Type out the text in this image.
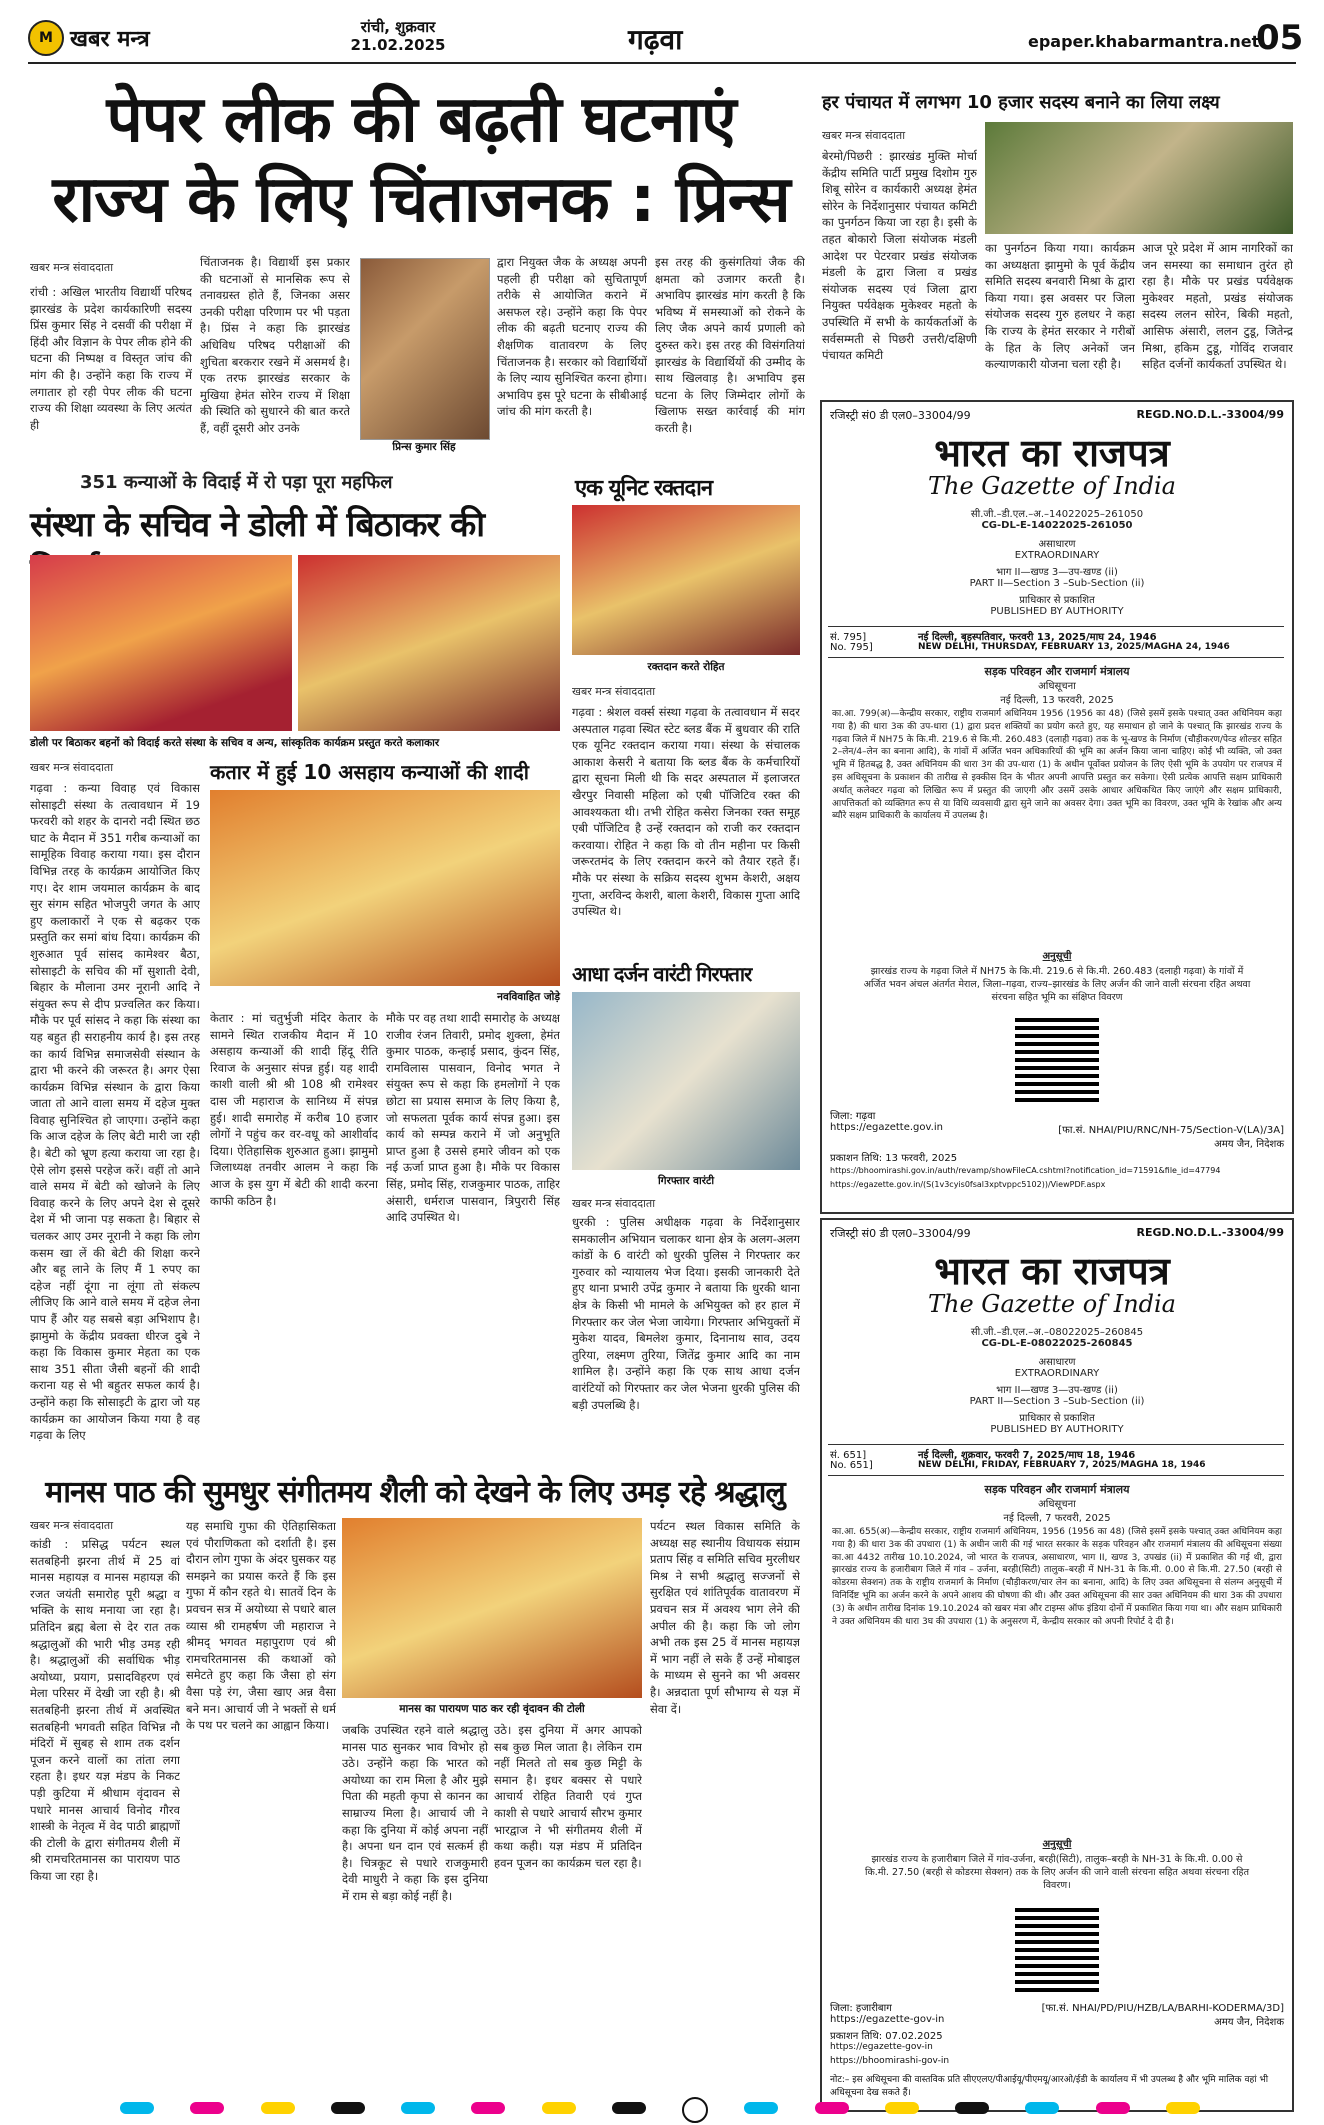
M खबर मन्त्र	रांची, शुक्रवार
21.02.2025	गढ़वा	epaper.khabarmantra.net
05
पेपर लीक की बढ़ती घटनाएं
राज्य के लिए चिंताजनक : प्रिन्स
खबर मन्त्र संवाददाता
रांची : अखिल भारतीय विद्यार्थी परिषद झारखंड के प्रदेश कार्यकारिणी सदस्य प्रिंस कुमार सिंह ने दसवीं की परीक्षा में हिंदी और विज्ञान के पेपर लीक होने की घटना की निष्पक्ष व विस्तृत जांच की मांग की है। उन्होंने कहा कि राज्य में लगातार हो रही पेपर लीक की घटना राज्य की शिक्षा व्यवस्था के लिए अत्यंत ही
चिंताजनक है। विद्यार्थी इस प्रकार की घटनाओं से मानसिक रूप से तनावग्रस्त होते हैं, जिनका असर उनकी परीक्षा परिणाम पर भी पड़ता है। प्रिंस ने कहा कि झारखंड अधिविध परिषद परीक्षाओं की शुचिता बरकरार रखने में असमर्थ है। एक तरफ झारखंड सरकार के मुखिया हेमंत सोरेन राज्य में शिक्षा की स्थिति को सुधारने की बात करते हैं, वहीं दूसरी ओर उनके
प्रिन्स कुमार सिंह
द्वारा नियुक्त जैक के अध्यक्ष अपनी पहली ही परीक्षा को सुचितापूर्ण तरीके से आयोजित कराने में असफल रहे। उन्होंने कहा कि पेपर लीक की बढ़ती घटनाए राज्य की शैक्षणिक वातावरण के लिए चिंताजनक है। सरकार को विद्यार्थियों के लिए न्याय सुनिश्चित करना होगा। अभाविप इस पूरे घटना के सीबीआई जांच की मांग करती है।
इस तरह की कुसंगतियां जैक की क्षमता को उजागर करती है। अभाविप झारखंड मांग करती है कि भविष्य में समस्याओं को रोकने के लिए जैक अपने कार्य प्रणाली को दुरुस्त करे। इस तरह की विसंगतियां झारखंड के विद्यार्थियों की उम्मीद के साथ खिलवाड़ है। अभाविप इस घटना के लिए जिम्मेदार लोगों के खिलाफ सख्त कार्रवाई की मांग करती है।
हर पंचायत में लगभग 10 हजार सदस्य बनाने का लिया लक्ष्य
खबर मन्त्र संवाददाता
बेरमो/पिछरी : झारखंड मुक्ति मोर्चा केंद्रीय समिति पार्टी प्रमुख दिशोम गुरु शिबू सोरेन व कार्यकारी अध्यक्ष हेमंत सोरेन के निर्देशानुसार पंचायत कमिटी का पुनर्गठन किया जा रहा है। इसी के तहत बोकारो जिला संयोजक मंडली आदेश पर पेटरवार प्रखंड संयोजक मंडली के द्वारा जिला व प्रखंड संयोजक सदस्य एवं जिला द्वारा नियुक्त पर्यवेक्षक मुकेश्वर महतो के उपस्थिति में सभी के कार्यकर्ताओं के सर्वसम्मती से पिछरी उत्तरी/दक्षिणी पंचायत कमिटी
का पुनर्गठन किया गया। कार्यक्रम का अध्यक्षता झामुमो के पूर्व केंद्रीय समिति सदस्य बनवारी मिश्रा के द्वारा किया गया। इस अवसर पर जिला संयोजक सदस्य गुरु हलधर ने कहा कि राज्य के हेमंत सरकार ने गरीबों के हित के लिए अनेकों जन कल्याणकारी योजना चला रही है।
आज पूरे प्रदेश में आम नागरिकों का जन समस्या का समाधान तुरंत हो रहा है। मौके पर प्रखंड पर्यवेक्षक मुकेश्वर महतो, प्रखंड संयोजक सदस्य ललन सोरेन, बिकी महतो, आसिफ अंसारी, ललन टुडू, जितेन्द्र मिश्रा, हकिम टुडू, गोविंद राजवार सहित दर्जनों कार्यकर्ता उपस्थित थे।
351 कन्याओं के विदाई में रो पड़ा पूरा महफिल
संस्था के सचिव ने डोली में बिठाकर की
डोली पर बिठाकर बहनों को विदाई करते संस्था के सचिव व अन्य, सांस्कृतिक कार्यक्रम प्रस्तुत करते कलाकार
खबर मन्त्र संवाददाता
गढ़वा : कन्या विवाह एवं विकास सोसाइटी संस्था के तत्वावधान में 19 फरवरी को शहर के दानरो नदी स्थित छठ घाट के मैदान में 351 गरीब कन्याओं का सामूहिक विवाह कराया गया। इस दौरान विभिन्न तरह के कार्यक्रम आयोजित किए गए। देर शाम जयमाल कार्यक्रम के बाद सुर संगम सहित भोजपुरी जगत के आए हुए कलाकारों ने एक से बढ़कर एक प्रस्तुति कर समां बांध दिया। कार्यक्रम की शुरुआत पूर्व सांसद कामेश्वर बैठा, सोसाइटी के सचिव की माँ सुशाती देवी, बिहार के मौलाना उमर नूरानी आदि ने संयुक्त रूप से दीप प्रज्वलित कर किया। मौके पर पूर्व सांसद ने कहा कि संस्था का यह बहुत ही सराहनीय कार्य है। इस तरह का कार्य विभिन्न समाजसेवी संस्थान के द्वारा भी करने की जरूरत है। अगर ऐसा कार्यक्रम विभिन्न संस्थान के द्वारा किया जाता तो आने वाला समय में दहेज मुक्त विवाह सुनिश्चित हो जाएगा। उन्होंने कहा कि आज दहेज के लिए बेटी मारी जा रही है। बेटी को भ्रूण हत्या कराया जा रहा है। ऐसे लोग इससे परहेज करें। वहीं तो आने वाले समय में बेटी को खोजने के लिए विवाह करने के लिए अपने देश से दूसरे देश में भी जाना पड़ सकता है। बिहार से चलकर आए उमर नूरानी ने कहा कि लोग कसम खा लें की बेटी की शिक्षा करने और बहू लाने के लिए मैं 1 रुपए का दहेज नहीं दूंगा ना लूंगा तो संकल्प लीजिए कि आने वाले समय में दहेज लेना पाप हैं और यह सबसे बड़ा अभिशाप है। झामुमो के केंद्रीय प्रवक्ता धीरज दुबे ने कहा कि विकास कुमार मेहता का एक साथ 351 सीता जैसी बहनों की शादी कराना यह से भी बहुतर सफल कार्य है। उन्होंने कहा कि सोसाइटी के द्वारा जो यह कार्यक्रम का आयोजन किया गया है वह गढ़वा के लिए
कतार में हुई 10 असहाय कन्याओं की शादी
नवविवाहित जोड़े
केतार : मां चतुर्भुजी मंदिर केतार के सामने स्थित राजकीय मैदान में 10 असहाय कन्याओं की शादी हिंदू रीति रिवाज के अनुसार संपन्न हुई। यह शादी काशी वाली श्री श्री 108 श्री रामेश्वर दास जी महाराज के सानिध्य में संपन्न हुई। शादी समारोह में करीब 10 हजार लोगों ने पहुंच कर वर-वधू को आशीर्वाद दिया। ऐतिहासिक शुरुआत हुआ। झामुमो जिलाध्यक्ष तनवीर आलम ने कहा कि आज के इस युग में बेटी की शादी करना काफी कठिन है।
मौके पर वह तथा शादी समारोह के अध्यक्ष राजीव रंजन तिवारी, प्रमोद शुक्ला, हेमंत कुमार पाठक, कन्हाई प्रसाद, कुंदन सिंह, रामविलास पासवान, विनोद भगत ने संयुक्त रूप से कहा कि हमलोगों ने एक छोटा सा प्रयास समाज के लिए किया है, जो सफलता पूर्वक कार्य संपन्न हुआ। इस कार्य को सम्पन्न कराने में जो अनुभूति प्राप्त हुआ है उससे हमारे जीवन को एक नई ऊर्जा प्राप्त हुआ है। मौके पर विकास सिंह, प्रमोद सिंह, राजकुमार पाठक, ताहिर अंसारी, धर्मराज पासवान, त्रिपुरारी सिंह आदि उपस्थित थे।
एक यूनिट रक्तदान
रक्तदान करते रोहित
खबर मन्त्र संवाददाता
गढ़वा : श्रेशल वर्क्स संस्था गढ़वा के तत्वावधान में सदर अस्पताल गढ़वा स्थित स्टेट ब्लड बैंक में बुधवार की राति एक यूनिट रक्तदान कराया गया। संस्था के संचालक आकाश केसरी ने बताया कि ब्लड बैंक के कर्मचारियों द्वारा सूचना मिली थी कि सदर अस्पताल में इलाजरत खैरपुर निवासी महिला को एबी पॉजिटिव रक्त की आवश्यकता थी। तभी रोहित कसेरा जिनका रक्त समूह एबी पॉजिटिव है उन्हें रक्तदान को राजी कर रक्तदान करवाया। रोहित ने कहा कि वो तीन महीना पर किसी जरूरतमंद के लिए रक्तदान करने को तैयार रहते हैं। मौके पर संस्था के सक्रिय सदस्य शुभम केशरी, अक्षय गुप्ता, अरविन्द केशरी, बाला केशरी, विकास गुप्ता आदि उपस्थित थे।
आधा दर्जन वारंटी गिरफ्तार
गिरफ्तार वारंटी
खबर मन्त्र संवाददाता
धुरकी : पुलिस अधीक्षक गढ़वा के निर्देशानुसार समकालीन अभियान चलाकर थाना क्षेत्र के अलग-अलग कांडों के 6 वारंटी को धुरकी पुलिस ने गिरफ्तार कर गुरुवार को न्यायालय भेज दिया। इसकी जानकारी देते हुए थाना प्रभारी उपेंद्र कुमार ने बताया कि धुरकी थाना क्षेत्र के किसी भी मामले के अभियुक्त को हर हाल में गिरफ्तार कर जेल भेजा जायेगा। गिरफ्तार अभियुक्तों में मुकेश यादव, बिमलेश कुमार, दिनानाथ साव, उदय तुरिया, लक्ष्मण तुरिया, जितेंद्र कुमार आदि का नाम शामिल है। उन्होंने कहा कि एक साथ आधा दर्जन वारंटियों को गिरफ्तार कर जेल भेजना धुरकी पुलिस की बड़ी उपलब्धि है।
मानस पाठ की सुमधुर संगीतमय शैली को देखने के लिए उमड़ रहे श्रद्धालु
खबर मन्त्र संवाददाता
कांडी : प्रसिद्ध पर्यटन स्थल सतबहिनी झरना तीर्थ में 25 वां मानस महायज्ञ व मानस महायज्ञ की रजत जयंती समारोह पूरी श्रद्धा व भक्ति के साथ मनाया जा रहा है। प्रतिदिन ब्रह्म बेला से देर रात तक श्रद्धालुओं की भारी भीड़ उमड़ रही है। श्रद्धालुओं की सर्वाधिक भीड़ अयोध्या, प्रयाग, प्रसादविहरण एवं मेला परिसर में देखी जा रही है। श्री सतबहिनी झरना तीर्थ में अवस्थित सतबहिनी भगवती सहित विभिन्न नौ मंदिरों में सुबह से शाम तक दर्शन पूजन करने वालों का तांता लगा रहता है। इधर यज्ञ मंडप के निकट पड़ी कुटिया में श्रीधाम वृंदावन से पधारे मानस आचार्य विनोद गौरव शास्त्री के नेतृत्व में वेद पाठी ब्राह्मणों की टोली के द्वारा संगीतमय शैली में श्री रामचरितमानस का पारायण पाठ किया जा रहा है।
यह समाधि गुफा की ऐतिहासिकता एवं पौराणिकता को दर्शाती है। इस दौरान लोग गुफा के अंदर घुसकर यह समझने का प्रयास करते हैं कि इस गुफा में कौन रहते थे। सातवें दिन के प्रवचन सत्र में अयोध्या से पधारे बाल व्यास श्री रामहर्षण जी महाराज ने श्रीमद् भगवत महापुराण एवं श्री रामचरितमानस की कथाओं को समेटते हुए कहा कि जैसा हो संग वैसा पड़े रंग, जैसा खाए अन्न वैसा बने मन। आचार्य जी ने भक्तों से धर्म के पथ पर चलने का आह्वान किया।
मानस का पारायण पाठ कर रही वृंदावन की टोली
जबकि उपस्थित रहने वाले श्रद्धालु मानस पाठ सुनकर भाव विभोर हो उठे। उन्होंने कहा कि भारत को अयोध्या का राम मिला है और मुझे पिता की महती कृपा से कानन का साम्राज्य मिला है। आचार्य जी ने कहा कि दुनिया में कोई अपना नहीं है। अपना धन दान एवं सत्कर्म ही है। चित्रकूट से पधारे राजकुमारी देवी माधुरी ने कहा कि इस दुनिया में राम से बड़ा कोई नहीं है।
उठे। इस दुनिया में अगर आपको सब कुछ मिल जाता है। लेकिन राम नहीं मिलते तो सब कुछ मिट्टी के समान है। इधर बक्सर से पधारे आचार्य रोहित तिवारी एवं गुप्त काशी से पधारे आचार्य सौरभ कुमार भारद्वाज ने भी संगीतमय शैली में कथा कही। यज्ञ मंडप में प्रतिदिन हवन पूजन का कार्यक्रम चल रहा है।
पर्यटन स्थल विकास समिति के अध्यक्ष सह स्थानीय विधायक संग्राम प्रताप सिंह व समिति सचिव मुरलीधर मिश्र ने सभी श्रद्धालु सज्जनों से सुरक्षित एवं शांतिपूर्वक वातावरण में प्रवचन सत्र में अवश्य भाग लेने की अपील की है। कहा कि जो लोग अभी तक इस 25 वें मानस महायज्ञ में भाग नहीं ले सके हैं उन्हें मोबाइल के माध्यम से सुनने का भी अवसर है। अन्नदाता पूर्ण सौभाग्य से यज्ञ में सेवा दें।
रजिस्ट्री सं0 डी एल0–33004/99	REGD.NO.D.L.-33004/99
भारत का राजपत्र
The Gazette of India
सी.जी.–डी.एल.–अ.–14022025–261050
CG-DL-E-14022025-261050
असाधारण
EXTRAORDINARY
भाग II—खण्ड 3—उप-खण्ड (ii)
PART II—Section 3 –Sub-Section (ii)
प्राधिकार से प्रकाशित
PUBLISHED BY AUTHORITY
सं. 795]
No. 795]
नई दिल्ली, बृहस्पतिवार, फरवरी 13, 2025/माघ 24, 1946
NEW DELHI, THURSDAY, FEBRUARY 13, 2025/MAGHA 24, 1946
सड़क परिवहन और राजमार्ग मंत्रालय
अधिसूचना
नई दिल्ली, 13 फरवरी, 2025
का.आ. 799(अ)—केन्द्रीय सरकार, राष्ट्रीय राजमार्ग अधिनियम 1956 (1956 का 48) (जिसे इसमें इसके पश्चात् उक्त अधिनियम कहा गया है) की धारा 3क की उप-धारा (1) द्वारा प्रदत्त शक्तियों का प्रयोग करते हुए, यह समाधान हो जाने के पश्चात् कि झारखंड राज्य के गढ़वा जिले में NH75 के कि.मी. 219.6 से कि.मी. 260.483 (दलाही गढ़वा) तक के भू-खण्ड के निर्माण (चौड़ीकरण/पेव्ड शोल्डर सहित 2–लेन/4–लेन का बनाना आदि), के गांवों में अर्जित भवन अधिकारियों की भूमि का अर्जन किया जाना चाहिए। कोई भी व्यक्ति, जो उक्त भूमि में हितबद्ध है, उक्त अधिनियम की धारा 3ग की उप-धारा (1) के अधीन पूर्वोक्त प्रयोजन के लिए ऐसी भूमि के उपयोग पर राजपत्र में इस अधिसूचना के प्रकाशन की तारीख से इक्कीस दिन के भीतर अपनी आपत्ति प्रस्तुत कर सकेगा। ऐसी प्रत्येक आपत्ति सक्षम प्राधिकारी अर्थात् कलेक्टर गढ़वा को लिखित रूप में प्रस्तुत की जाएगी और उसमें उसके आधार अधिकथित किए जाएंगे और सक्षम प्राधिकारी, आपत्तिकर्ता को व्यक्तिगत रूप से या विधि व्यवसायी द्वारा सुने जाने का अवसर देगा। उक्त भूमि का विवरण, उक्त भूमि के रेखांक और अन्य ब्यौरे सक्षम प्राधिकारी के कार्यालय में उपलब्ध है।
अनुसूची
झारखंड राज्य के गढ़वा जिले में NH75 के कि.मी. 219.6 से कि.मी. 260.483 (दलाही गढ़वा) के गांवों में अर्जित भवन अंचल अंतर्गत मेराल, जिला–गढ़वा, राज्य–झारखंड के लिए अर्जन की जाने वाली संरचना रहित अथवा संरचना सहित भूमि का संक्षिप्त विवरण
जिला: गढ़वा
https://egazette.gov.in	[फा.सं. NHAI/PIU/RNC/NH-75/Section-V(LA)/3A]
अमय जैन, निदेशक
प्रकाशन तिथि: 13 फरवरी, 2025
https://bhoomirashi.gov.in/auth/revamp/showFileCA.cshtml?notification_id=71591&file_id=47794
https://egazette.gov.in/(S(1v3cyis0fsal3xptvppc5102))/ViewPDF.aspx
रजिस्ट्री सं0 डी एल0–33004/99	REGD.NO.D.L.-33004/99
भारत का राजपत्र
The Gazette of India
सी.जी.–डी.एल.–अ.–08022025–260845
CG-DL-E-08022025-260845
असाधारण
EXTRAORDINARY
भाग II—खण्ड 3—उप-खण्ड (ii)
PART II—Section 3 –Sub-Section (ii)
प्राधिकार से प्रकाशित
PUBLISHED BY AUTHORITY
सं. 651]
No. 651]
नई दिल्ली, शुक्रवार, फरवरी 7, 2025/माघ 18, 1946
NEW DELHI, FRIDAY, FEBRUARY 7, 2025/MAGHA 18, 1946
सड़क परिवहन और राजमार्ग मंत्रालय
अधिसूचना
नई दिल्ली, 7 फरवरी, 2025
का.आ. 655(अ)—केन्द्रीय सरकार, राष्ट्रीय राजमार्ग अधिनियम, 1956 (1956 का 48) (जिसे इसमें इसके पश्चात् उक्त अधिनियम कहा गया है) की धारा 3क की उपधारा (1) के अधीन जारी की गई भारत सरकार के सड़क परिवहन और राजमार्ग मंत्रालय की अधिसूचना संख्या का.आ 4432 तारीख 10.10.2024, जो भारत के राजपत्र, असाधारण, भाग II, खण्ड 3, उपखंड (ii) में प्रकाशित की गई थी, द्वारा झारखंड राज्य के हजारीबाग जिले में गांव – उर्जना, बरही(सिटी) तालुक–बरही में NH-31 के कि.मी. 0.00 से कि.मी. 27.50 (बरही से कोडरमा सेक्शन) तक के राष्ट्रीय राजमार्ग के निर्माण (चौड़ीकरण/चार लेन का बनाना, आदि) के लिए उक्त अधिसूचना से संलग्न अनुसूची में विनिर्दिष्ट भूमि का अर्जन करने के अपने आशय की घोषणा की थी। और उक्त अधिसूचना की सार उक्त अधिनियम की धारा 3क की उपधारा (3) के अधीन तारीख दिनांक 19.10.2024 को खबर मंत्रा और टाइम्स ऑफ इंडिया दोनों में प्रकाशित किया गया था। और सक्षम प्राधिकारी ने उक्त अधिनियम की धारा 3घ की उपधारा (1) के अनुसरण में, केन्द्रीय सरकार को अपनी रिपोर्ट दे दी है।
अनुसूची
झारखंड राज्य के हजारीबाग जिले में गांव-उर्जना, बरही(सिटी), तालुक–बरही के NH-31 के कि.मी. 0.00 से कि.मी. 27.50 (बरही से कोडरमा सेक्शन) तक के लिए अर्जन की जाने वाली संरचना सहित अथवा संरचना रहित विवरण।
जिला: हजारीबाग
https://egazette-gov-in
[फा.सं. NHAI/PD/PIU/HZB/LA/BARHI-KODERMA/3D]
अमय जैन, निदेशक
प्रकाशन तिथि: 07.02.2025
https://egazette-gov-in
https://bhoomirashi-gov-in
नोट:– इस अधिसूचना की वास्तविक प्रति सीएएलए/पीआईयू/पीएमयू/आरओ/ईडी के कार्यालय में भी उपलब्ध है और भूमि मालिक वहां भी अधिसूचना देख सकते हैं।
